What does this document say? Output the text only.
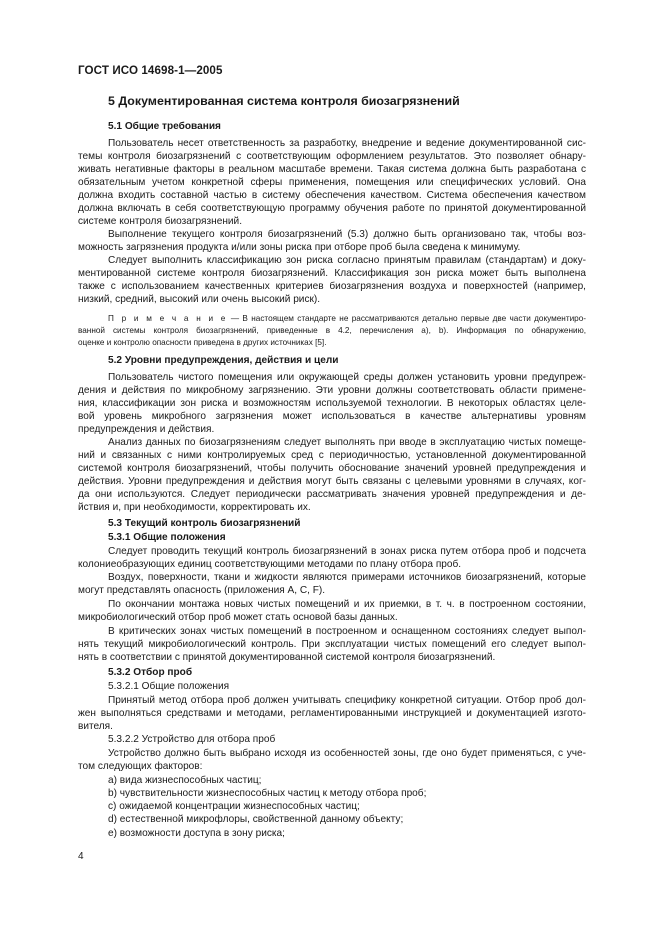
ГОСТ ИСО 14698-1—2005
5 Документированная система контроля биозагрязнений
5.1 Общие требования
Пользователь несет ответственность за разработку, внедрение и ведение документированной сис-
темы контроля биозагрязнений с соответствующим оформлением результатов. Это позволяет обнару-
живать негативные факторы в реальном масштабе времени. Такая система должна быть разработана с
обязательным учетом конкретной сферы применения, помещения или специфических условий. Она
должна входить составной частью в систему обеспечения качеством. Система обеспечения качеством
должна включать в себя соответствующую программу обучения работе по принятой документированной
системе контроля биозагрязнений.
Выполнение текущего контроля биозагрязнений (5.3) должно быть организовано так, чтобы воз-
можность загрязнения продукта и/или зоны риска при отборе проб была сведена к минимуму.
Следует выполнить классификацию зон риска согласно принятым правилам (стандартам) и доку-
ментированной системе контроля биозагрязнений. Классификация зон риска может быть выполнена
также с использованием качественных критериев биозагрязнения воздуха и поверхностей (например,
низкий, средний, высокий или очень высокий риск).
П р и м е ч а н и е — В настоящем стандарте не рассматриваются детально первые две части документиро-
ванной системы контроля биозагрязнений, приведенные в 4.2, перечисления а), b). Информация по обнаружению,
оценке и контролю опасности приведена в других источниках [5].
5.2 Уровни предупреждения, действия и цели
Пользователь чистого помещения или окружающей среды должен установить уровни предупреж-
дения и действия по микробному загрязнению. Эти уровни должны соответствовать области примене-
ния, классификации зон риска и возможностям используемой технологии. В некоторых областях целе-
вой уровень микробного загрязнения может использоваться в качестве альтернативы уровням
предупреждения и действия.
Анализ данных по биозагрязнениям следует выполнять при вводе в эксплуатацию чистых помеще-
ний и связанных с ними контролируемых сред с периодичностью, установленной документированной
системой контроля биозагрязнений, чтобы получить обоснование значений уровней предупреждения и
действия. Уровни предупреждения и действия могут быть связаны с целевыми уровнями в случаях, ког-
да они используются. Следует периодически рассматривать значения уровней предупреждения и де-
йствия и, при необходимости, корректировать их.
5.3 Текущий контроль биозагрязнений
5.3.1 Общие положения
Следует проводить текущий контроль биозагрязнений в зонах риска путем отбора проб и подсчета
колониеобразующих единиц соответствующими методами по плану отбора проб.
Воздух, поверхности, ткани и жидкости являются примерами источников биозагрязнений, которые
могут представлять опасность (приложения А, С, F).
По окончании монтажа новых чистых помещений и их приемки, в т. ч. в построенном состоянии,
микробиологический отбор проб может стать основой базы данных.
В критических зонах чистых помещений в построенном и оснащенном состояниях следует выпол-
нять текущий микробиологический контроль. При эксплуатации чистых помещений его следует выпол-
нять в соответствии с принятой документированной системой контроля биозагрязнений.
5.3.2 Отбор проб
5.3.2.1 Общие положения
Принятый метод отбора проб должен учитывать специфику конкретной ситуации. Отбор проб дол-
жен выполняться средствами и методами, регламентированными инструкцией и документацией изгото-
вителя.
5.3.2.2 Устройство для отбора проб
Устройство должно быть выбрано исходя из особенностей зоны, где оно будет применяться, с уче-
том следующих факторов:
a) вида жизнеспособных частиц;
b) чувствительности жизнеспособных частиц к методу отбора проб;
c) ожидаемой концентрации жизнеспособных частиц;
d) естественной микрофлоры, свойственной данному объекту;
e) возможности доступа в зону риска;
4
